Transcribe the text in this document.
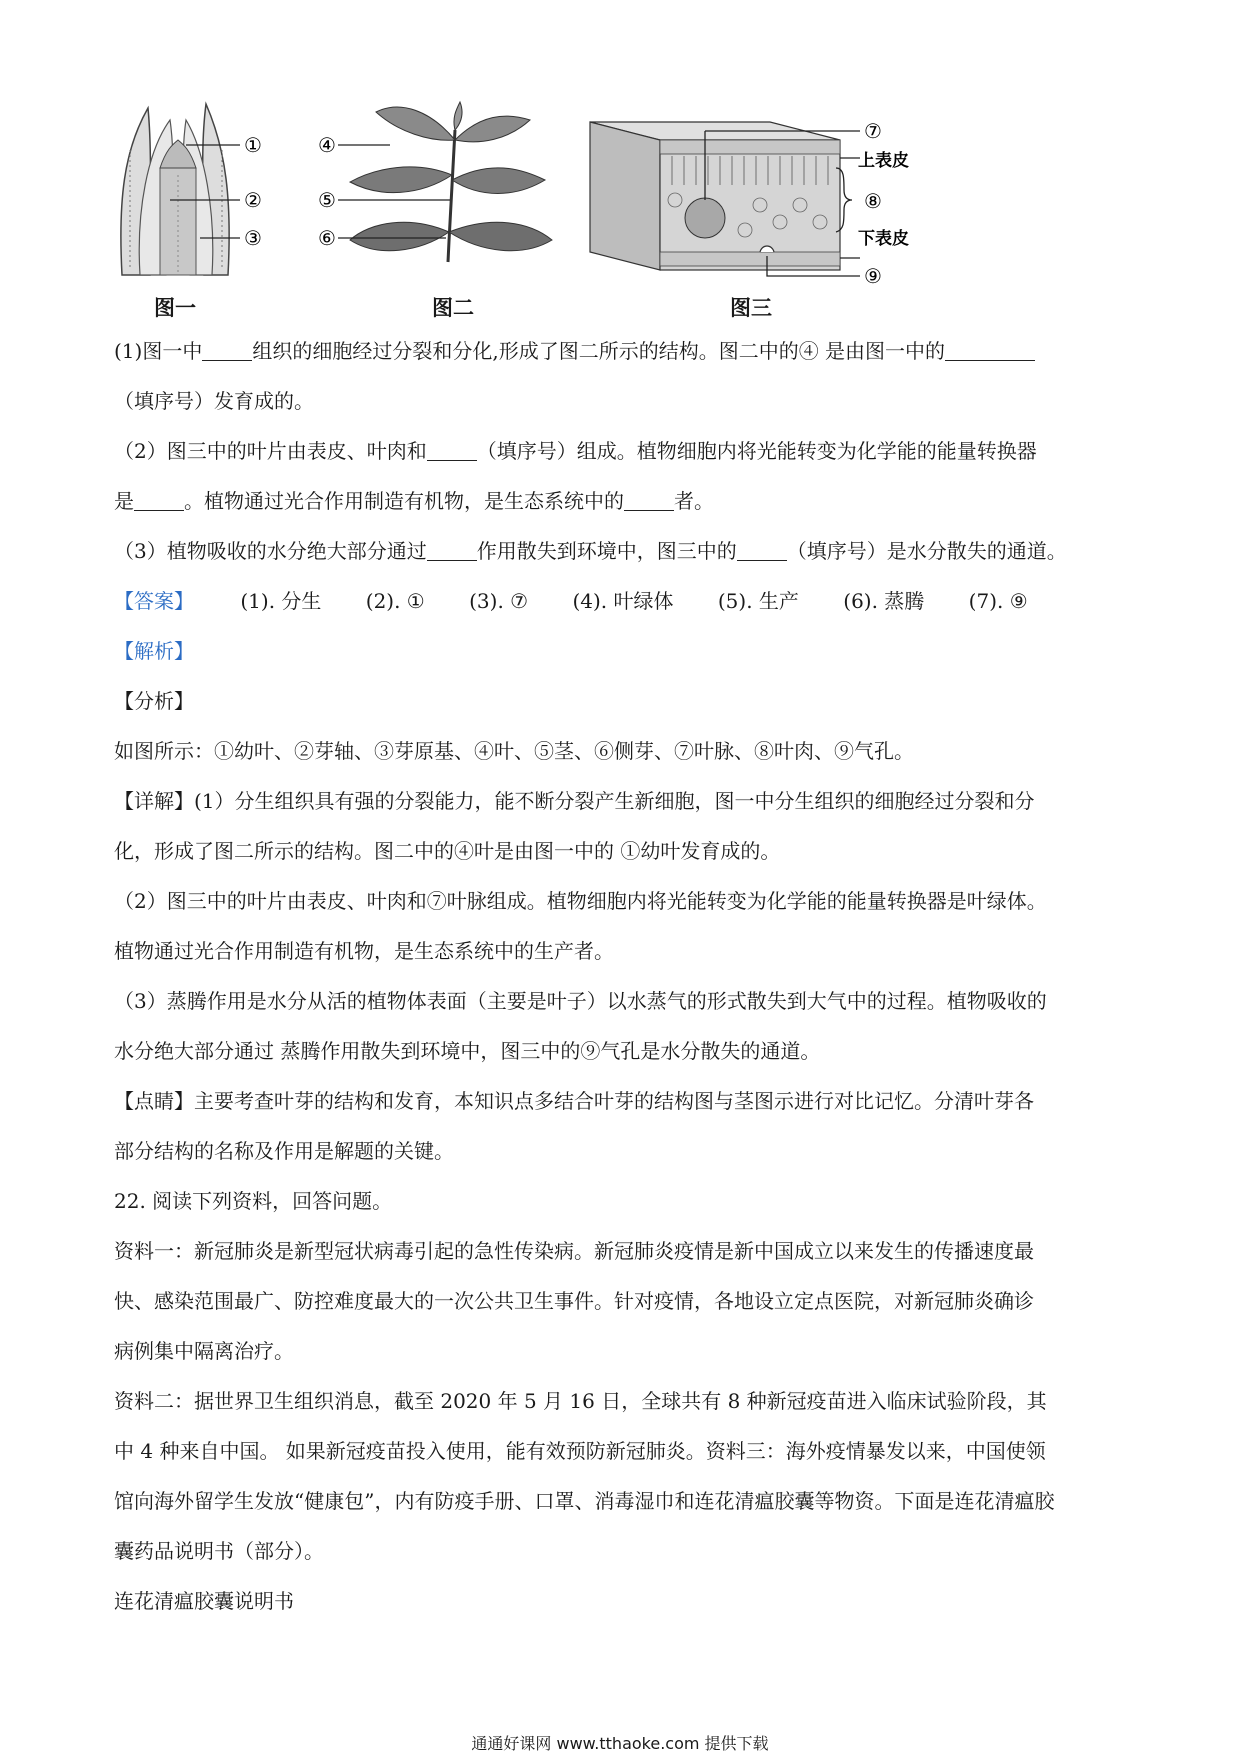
①
②
③
④
⑤
⑥
⑦
上表皮
⑧
下表皮
⑨
图一	图二	图三
(1)图一中	组织的细胞经过分裂和分化,形成了图二所示的结构。图二中的④ 是由图一中的
（填序号）发育成的。
（2）图三中的叶片由表皮、叶肉和	（填序号）组成。植物细胞内将光能转变为化学能的能量转换器
是	。植物通过光合作用制造有机物，是生态系统中的	者。
（3）植物吸收的水分绝大部分通过	作用散失到环境中，图三中的	（填序号）是水分散失的通道。
【答案】 (1). 分生 (2). ① (3). ⑦ (4). 叶绿体 (5). 生产 (6). 蒸腾 (7). ⑨
【解析】
【分析】
如图所示：①幼叶、②芽轴、③芽原基、④叶、⑤茎、⑥侧芽、⑦叶脉、⑧叶肉、⑨气孔。
【详解】(1）分生组织具有强的分裂能力，能不断分裂产生新细胞，图一中分生组织的细胞经过分裂和分
化，形成了图二所示的结构。图二中的④叶是由图一中的 ①幼叶发育成的。
（2）图三中的叶片由表皮、叶肉和⑦叶脉组成。植物细胞内将光能转变为化学能的能量转换器是叶绿体。
植物通过光合作用制造有机物，是生态系统中的生产者。
（3）蒸腾作用是水分从活的植物体表面（主要是叶子）以水蒸气的形式散失到大气中的过程。植物吸收的
水分绝大部分通过 蒸腾作用散失到环境中，图三中的⑨气孔是水分散失的通道。
【点睛】主要考查叶芽的结构和发育，本知识点多结合叶芽的结构图与茎图示进行对比记忆。分清叶芽各
部分结构的名称及作用是解题的关键。
22. 阅读下列资料，回答问题。
资料一：新冠肺炎是新型冠状病毒引起的急性传染病。新冠肺炎疫情是新中国成立以来发生的传播速度最
快、感染范围最广、防控难度最大的一次公共卫生事件。针对疫情，各地设立定点医院，对新冠肺炎确诊
病例集中隔离治疗。
资料二：据世界卫生组织消息，截至 2020 年 5 月 16 日，全球共有 8 种新冠疫苗进入临床试验阶段，其
中 4 种来自中国。 如果新冠疫苗投入使用，能有效预防新冠肺炎。资料三：海外疫情暴发以来，中国使领
馆向海外留学生发放“健康包”，内有防疫手册、口罩、消毒湿巾和连花清瘟胶囊等物资。下面是连花清瘟胶
囊药品说明书（部分）。
连花清瘟胶囊说明书
通通好课网 www.tthaoke.com 提供下载
